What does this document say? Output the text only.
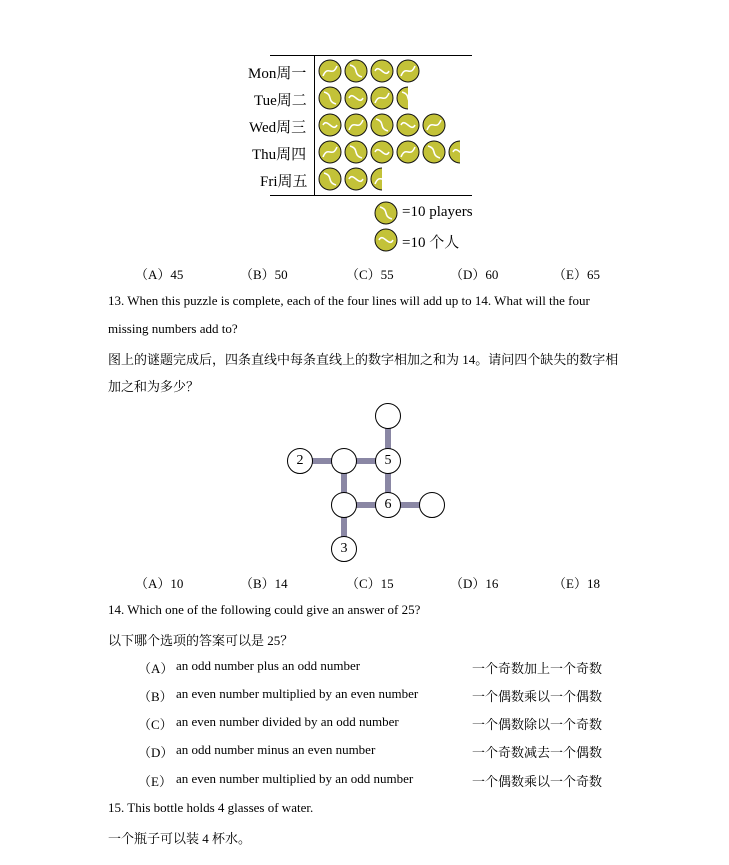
Mon周一
Tue周二
Wed周三
Thu周四
Fri周五
=10 players
=10 个人
（A）45	（B）50	（C）55	（D）60	（E）65
13. When this puzzle is complete, each of the four lines will add up to 14. What will the four
missing numbers add to?
图上的谜题完成后，四条直线中每条直线上的数字相加之和为 14。请问四个缺失的数字相
加之和为多少？
2	5
6
3
（A）10	（B）14	（C）15	（D）16	（E）18
14. Which one of the following could give an answer of 25?
以下哪个选项的答案可以是 25？
（A） an odd number plus an odd number	一个奇数加上一个奇数
（B） an even number multiplied by an even number	一个偶数乘以一个偶数
（C） an even number divided by an odd number	一个偶数除以一个奇数
（D） an odd number minus an even number	一个奇数减去一个偶数
（E） an even number multiplied by an odd number	一个偶数乘以一个奇数
15. This bottle holds 4 glasses of water.
一个瓶子可以装 4 杯水。
